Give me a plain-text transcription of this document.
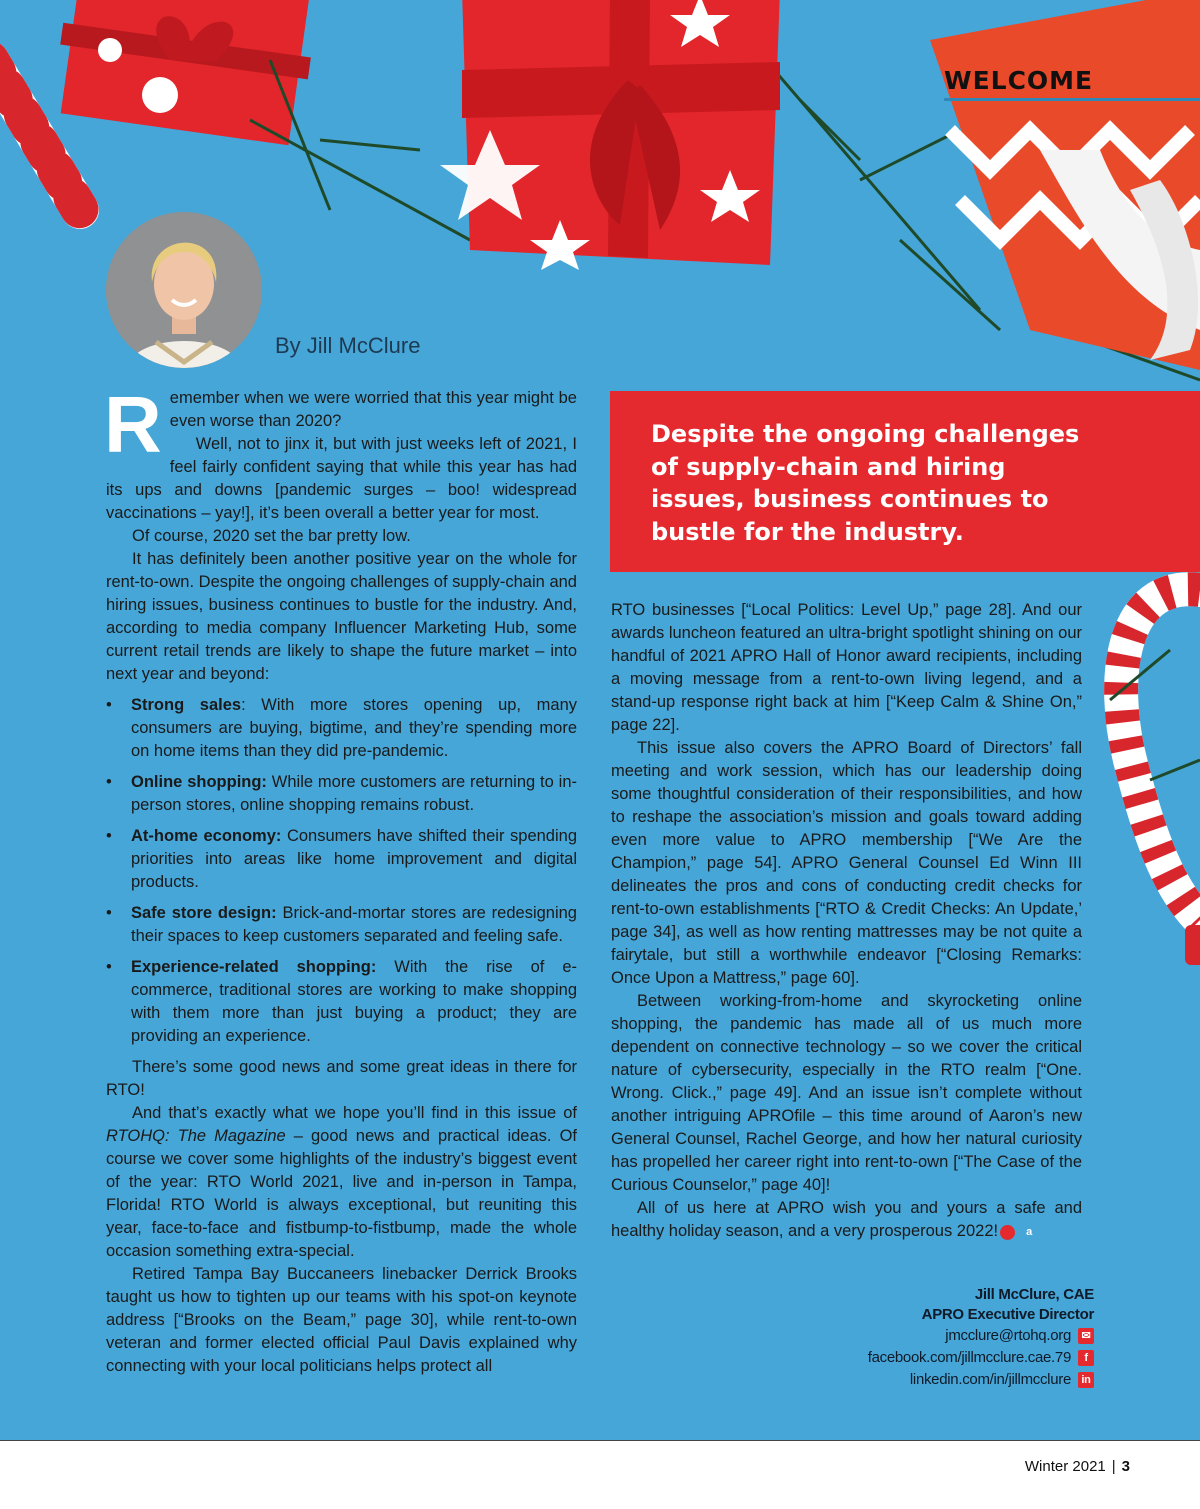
WELCOME
By Jill McClure
Despite the ongoing challenges of supply-chain and hiring issues, business continues to bustle for the industry.

Remember when we were worried that this year might be even worse than 2020?

Well, not to jinx it, but with just weeks left of 2021, I feel fairly confident saying that while this year has had its ups and downs [pandemic surges – boo! widespread vaccinations – yay!], it’s been overall a better year for most.

Of course, 2020 set the bar pretty low.

It has definitely been another positive year on the whole for rent-to-own. Despite the ongoing challenges of supply-chain and hiring issues, business continues to bustle for the industry. And, according to media company Influencer Marketing Hub, some current retail trends are likely to shape the future market – into next year and beyond:

• Strong sales: With more stores opening up, many consumers are buying, bigtime, and they’re spending more on home items than they did pre-pandemic.
• Online shopping: While more customers are returning to in-person stores, online shopping remains robust.
• At-home economy: Consumers have shifted their spending priorities into areas like home improvement and digital products.
• Safe store design: Brick-and-mortar stores are redesigning their spaces to keep customers separated and feeling safe.
• Experience-related shopping: With the rise of e-commerce, traditional stores are working to make shopping with them more than just buying a product; they are providing an experience.

There’s some good news and some great ideas in there for RTO!

And that’s exactly what we hope you’ll find in this issue of RTOHQ: The Magazine – good news and practical ideas. Of course we cover some highlights of the industry’s biggest event of the year: RTO World 2021, live and in-person in Tampa, Florida! RTO World is always exceptional, but reuniting this year, face-to-face and fistbump-to-fistbump, made the whole occasion something extra-special.

Retired Tampa Bay Buccaneers linebacker Derrick Brooks taught us how to tighten up our teams with his spot-on keynote address [“Brooks on the Beam,” page 30], while rent-to-own veteran and former elected official Paul Davis explained why connecting with your local politicians helps protect all

RTO businesses [“Local Politics: Level Up,” page 28]. And our awards luncheon featured an ultra-bright spotlight shining on our handful of 2021 APRO Hall of Honor award recipients, including a moving message from a rent-to-own living legend, and a stand-up response right back at him [“Keep Calm & Shine On,” page 22].

This issue also covers the APRO Board of Directors’ fall meeting and work session, which has our leadership doing some thoughtful consideration of their responsibilities, and how to reshape the association’s mission and goals toward adding even more value to APRO membership [“We Are the Champion,” page 54]. APRO General Counsel Ed Winn III delineates the pros and cons of conducting credit checks for rent-to-own establishments [“RTO & Credit Checks: An Update,’ page 34], as well as how renting mattresses may be not quite a fairytale, but still a worthwhile endeavor [“Closing Remarks: Once Upon a Mattress,” page 60].

Between working-from-home and skyrocketing online shopping, the pandemic has made all of us much more dependent on connective technology – so we cover the critical nature of cybersecurity, especially in the RTO realm [“One. Wrong. Click.,” page 49]. And an issue isn’t complete without another intriguing APROfile – this time around of Aaron’s new General Counsel, Rachel George, and how her natural curiosity has propelled her career right into rent-to-own [“The Case of the Curious Counselor,” page 40]!

All of us here at APRO wish you and yours a safe and healthy holiday season, and a very prosperous 2022!	a

Jill McClure, CAE
APRO Executive Director
jmcclure@rtohq.org ✉
facebook.com/jillmcclure.cae.79	f
linkedin.com/in/jillmcclure in
Winter 2021 | 3
